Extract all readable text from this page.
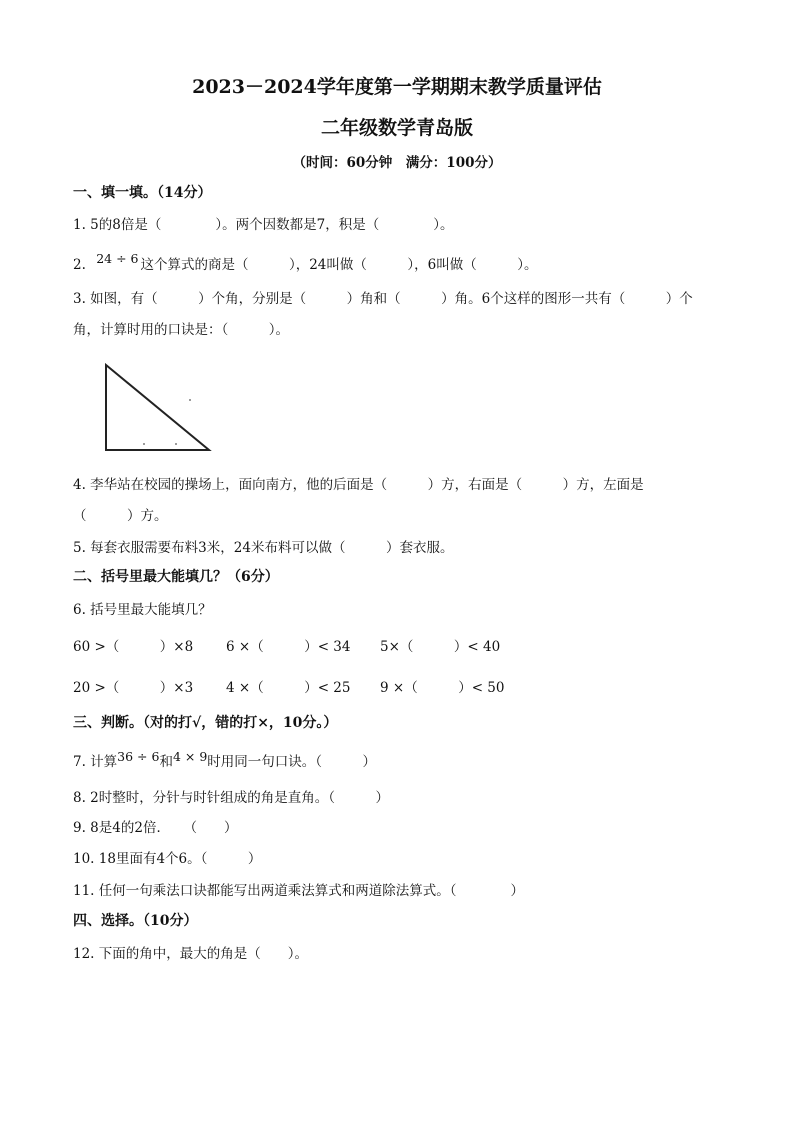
2023－2024学年度第一学期期末教学质量评估
二年级数学青岛版
（时间：60分钟　满分：100分）
一、填一填。（14分）
1. 5的8倍是（　　　　）。两个因数都是7，积是（　　　　）。
2. 24 ÷ 6 这个算式的商是（　　　），24叫做（　　　），6叫做（　　　）。
3. 如图，有（　　　）个角，分别是（　　　）角和（　　　）角。6个这样的图形一共有（　　　）个
角，计算时用的口诀是：（　　　）。
4. 李华站在校园的操场上，面向南方，他的后面是（　　　）方，右面是（　　　）方，左面是
（　　　）方。
5. 每套衣服需要布料3米，24米布料可以做（　　　）套衣服。
二、括号里最大能填几？（6分）
6. 括号里最大能填几？
60 >（　　　）×8 6 ×（　　　）< 34 5×（　　　）< 40
20 >（　　　）×3 4 ×（　　　）< 25 9 ×（　　　）< 50
三、判断。（对的打√，错的打×，10分。）
7. 计算36 ÷ 6和4 × 9时用同一句口诀。（　　　）
8. 2时整时，分针与时针组成的角是直角。（　　　）
9. 8是4的2倍．　　（　　）
10. 18里面有4个6。（　　　）
11. 任何一句乘法口诀都能写出两道乘法算式和两道除法算式。（　　　　）
四、选择。（10分）
12. 下面的角中，最大的角是（　　）。
